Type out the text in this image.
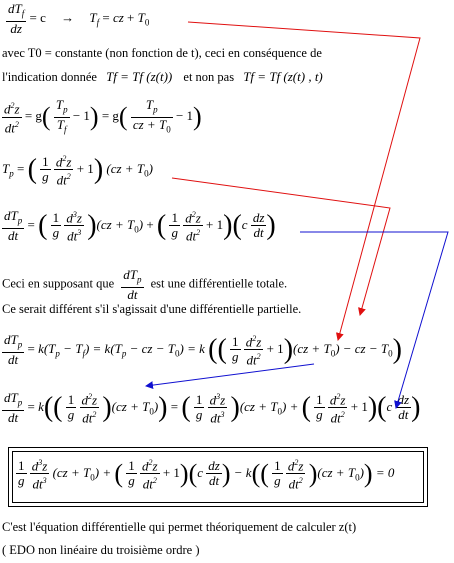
$\frac{dT_f}{dz} = c \to T_f$ = cz + $T_0$
avec T0 = constante (non fonction de t), ceci en conséquence de
l'indication donnée Tf = Tf (z(t)) et non pas Tf = Tf (z(t) , t)
$\frac{d^2z}{dt^2} = g( \frac{T_p}{T_f} - 1) = g( \frac{T_p}{cz + T_0} - 1)$
$T_p$ = ( $\frac{1}{g}$
$\frac{d^2z}{dt^2} + 1$) $(cz + T_0)$
$\frac{dT_p}{dt}$ = ( $\frac{1}{g}$
$\frac{d^3z}{dt^3} )(cz + T_0)$ + ( $\frac{1}{g}$
$\frac{d^2z}{dt^2} + 1)(c \frac{dz}{dt}$ )
Ceci en supposant que $\frac{dT_p}{dt}$ est une différentielle totale.
Ce serait différent s'il s'agissait d'une différentielle partielle.
$\frac{dT_p}{dt} = k(T_p - T_f) = k(T_p$ − cz − $T_0) = k$ (( $\frac{1}{g}$
$\frac{d^2z}{dt^2} + 1)(cz + T_0)$ − cz − $T_0$)
$\frac{dT_p}{dt} = k(( \frac{1}{g}$
$\frac{d^2z}{dt^2} )(cz + T_0)$) = ( $\frac{1}{g}$
$\frac{d^3z}{dt^3} )(cz + T_0)$ + ( $\frac{1}{g}$
$\frac{d^2z}{dt^2} + 1)(c \frac{dz}{dt}$ )
$\frac{1}{g}$
$\frac{d^3z}{dt^3} (cz + T_0)$ + ( $\frac{1}{g}$
$\frac{d^2z}{dt^2} + 1)(c \frac{dz}{dt}$ ) − $k(( \frac{1}{g}$
$\frac{d^2z}{dt^2} )(cz + T_0)) = 0$
C'est l'équation différentielle qui permet théoriquement de calculer z(t)
( EDO non linéaire du troisième ordre )
